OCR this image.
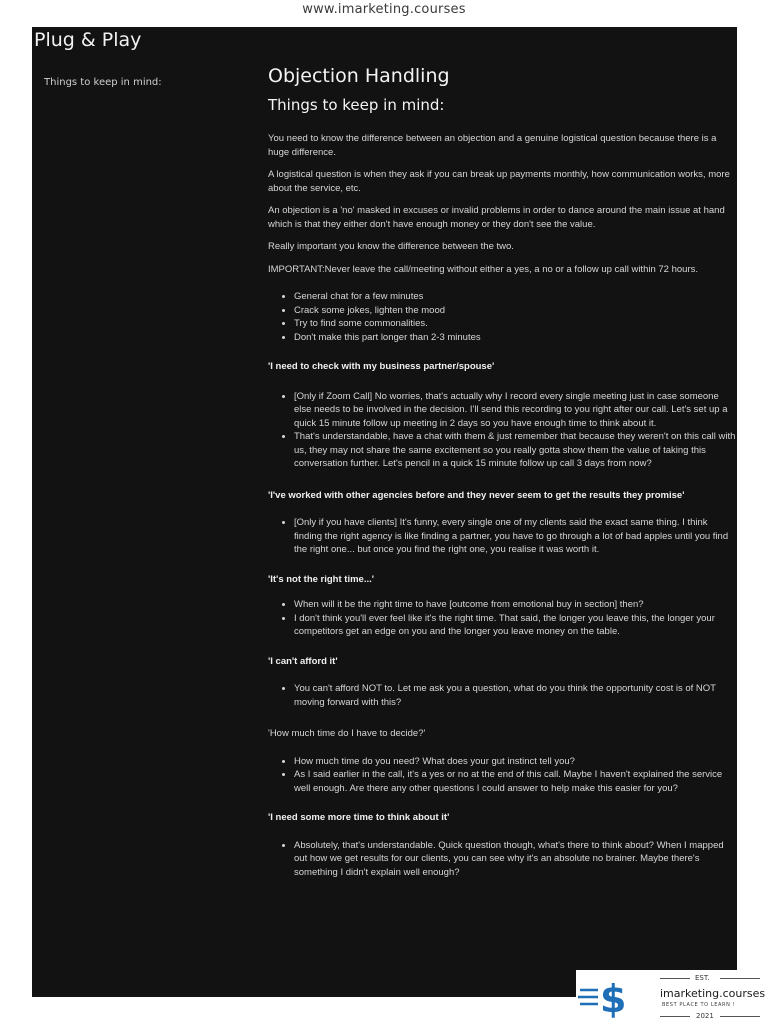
www.imarketing.courses
Plug & Play
Things to keep in mind:	Objection Handling
Things to keep in mind:

You need to know the difference between an objection and a genuine logistical question because there is a huge difference.

A logistical question is when they ask if you can break up payments monthly, how communication works, more about the service, etc.

An objection is a 'no' masked in excuses or invalid problems in order to dance around the main issue at hand which is that they either don't have enough money or they don't see the value.

Really important you know the difference between the two.

IMPORTANT:Never leave the call/meeting without either a yes, a no or a follow up call within 72 hours.

• General chat for a few minutes
• Crack some jokes, lighten the mood
• Try to find some commonalities.
• Don't make this part longer than 2-3 minutes
'I need to check with my business partner/spouse'
• [Only if Zoom Call] No worries, that's actually why I record every single meeting just in case someone else needs to be involved in the decision. I'll send this recording to you right after our call. Let's set up a quick 15 minute follow up meeting in 2 days so you have enough time to think about it.
• That's understandable, have a chat with them & just remember that because they weren't on this call with us, they may not share the same excitement so you really gotta show them the value of taking this conversation further. Let's pencil in a quick 15 minute follow up call 3 days from now?
'I've worked with other agencies before and they never seem to get the results they promise'
• [Only if you have clients] It's funny, every single one of my clients said the exact same thing. I think finding the right agency is like finding a partner, you have to go through a lot of bad apples until you find the right one... but once you find the right one, you realise it was worth it.
'It's not the right time...'
• When will it be the right time to have [outcome from emotional buy in section] then?
• I don't think you'll ever feel like it's the right time. That said, the longer you leave this, the longer your competitors get an edge on you and the longer you leave money on the table.
'I can't afford it'
• You can't afford NOT to. Let me ask you a question, what do you think the opportunity cost is of NOT moving forward with this?
'How much time do I have to decide?'
• How much time do you need? What does your gut instinct tell you?
• As I said earlier in the call, it's a yes or no at the end of this call. Maybe I haven't explained the service well enough. Are there any other questions I could answer to help make this easier for you?
'I need some more time to think about it'
• Absolutely, that's understandable. Quick question though, what's there to think about? When I mapped out how we get results for our clients, you can see why it's an absolute no brainer. Maybe there's something I didn't explain well enough?
$	EST.
imarketing.courses
BEST PLACE TO LEARN !
2021
